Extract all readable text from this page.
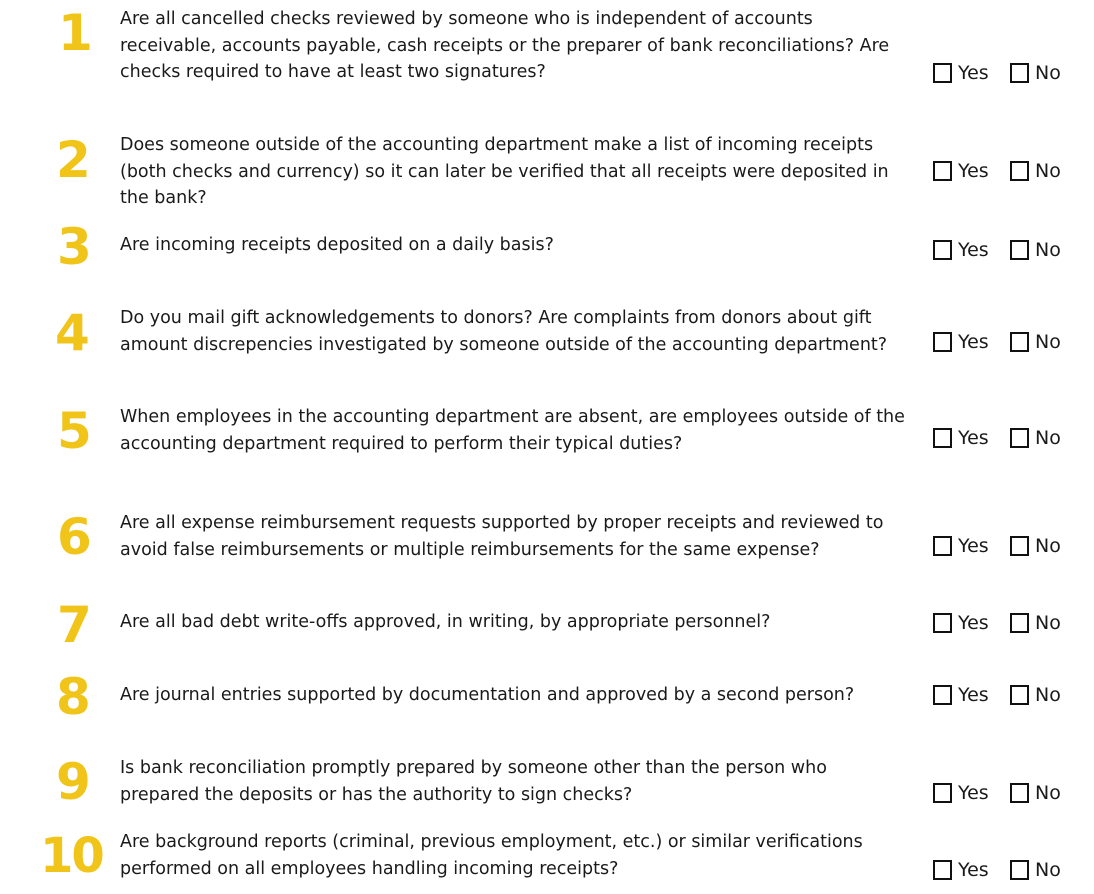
1 Are all cancelled checks reviewed by someone who is independent of accounts receivable, accounts payable, cash receipts or the preparer of bank reconciliations? Are checks required to have at least two signatures?	Yes No
2 Does someone outside of the accounting department make a list of incoming receipts (both checks and currency) so it can later be verified that all receipts were deposited in the bank?
Yes No
3 Are incoming receipts deposited on a daily basis?	Yes No
4 Do you mail gift acknowledgements to donors? Are complaints from donors about gift amount discrepencies investigated by someone outside of the accounting department?	Yes No
5 When employees in the accounting department are absent, are employees outside of the accounting department required to perform their typical duties?	Yes No
6 Are all expense reimbursement requests supported by proper receipts and reviewed to avoid false reimbursements or multiple reimbursements for the same expense?	Yes No
7 Are all bad debt write-offs approved, in writing, by appropriate personnel?	Yes No
8 Are journal entries supported by documentation and approved by a second person?	Yes No
9 Is bank reconciliation promptly prepared by someone other than the person who prepared the deposits or has the authority to sign checks?	Yes No
10 Are background reports (criminal, previous employment, etc.) or similar verifications performed on all employees handling incoming receipts?	Yes No
